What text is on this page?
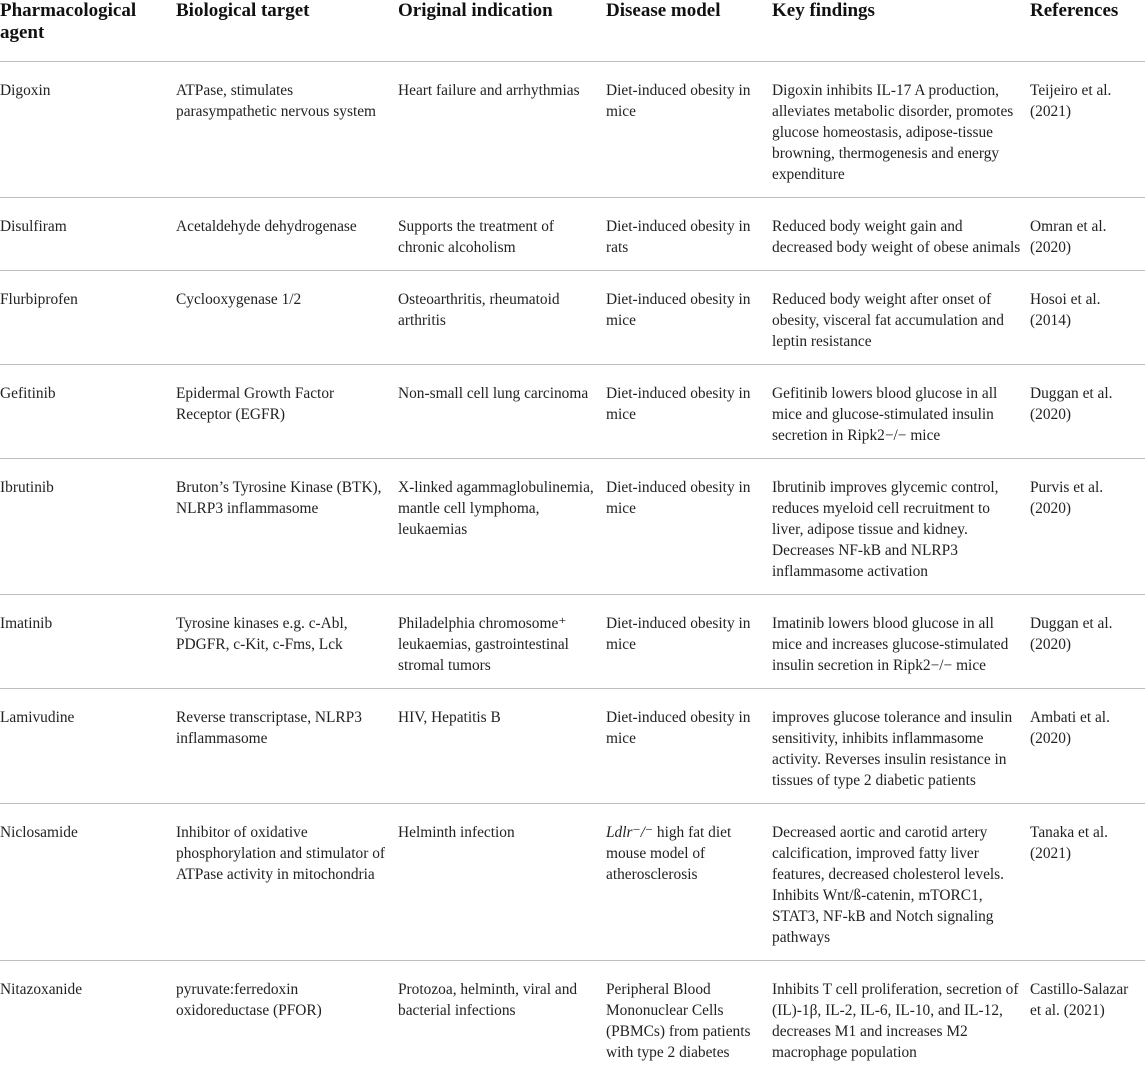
Pharmacological agent	Biological target	Original indication	Disease model	Key findings	References
Digoxin	ATPase, stimulates parasympathetic nervous system	Heart failure and arrhythmias	Diet-induced obesity in mice	Digoxin inhibits IL-17 A production, alleviates metabolic disorder, promotes glucose homeostasis, adipose-tissue browning, thermogenesis and energy expenditure	Teijeiro et al. (2021)
Disulfiram	Acetaldehyde dehydrogenase	Supports the treatment of chronic alcoholism	Diet-induced obesity in rats	Reduced body weight gain and decreased body weight of obese animals	Omran et al. (2020)
Flurbiprofen	Cyclooxygenase 1/2	Osteoarthritis, rheumatoid arthritis	Diet-induced obesity in mice	Reduced body weight after onset of obesity, visceral fat accumulation and leptin resistance	Hosoi et al. (2014)
Gefitinib	Epidermal Growth Factor Receptor (EGFR)	Non-small cell lung carcinoma	Diet-induced obesity in mice	Gefitinib lowers blood glucose in all mice and glucose-stimulated insulin secretion in Ripk2−/− mice	Duggan et al. (2020)
Ibrutinib	Bruton’s Tyrosine Kinase (BTK), NLRP3 inflammasome	X-linked agammaglobulinemia, mantle cell lymphoma, leukaemias	Diet-induced obesity in mice	Ibrutinib improves glycemic control, reduces myeloid cell recruitment to liver, adipose tissue and kidney. Decreases NF-kB and NLRP3 inflammasome activation	Purvis et al. (2020)
Imatinib	Tyrosine kinases e.g. c-Abl, PDGFR, c-Kit, c-Fms, Lck	Philadelphia chromosome⁺ leukaemias, gastrointestinal stromal tumors	Diet-induced obesity in mice	Imatinib lowers blood glucose in all mice and increases glucose-stimulated insulin secretion in Ripk2−/− mice	Duggan et al. (2020)
Lamivudine	Reverse transcriptase, NLRP3 inflammasome	HIV, Hepatitis B	Diet-induced obesity in mice	improves glucose tolerance and insulin sensitivity, inhibits inflammasome activity. Reverses insulin resistance in tissues of type 2 diabetic patients	Ambati et al. (2020)
Niclosamide	Inhibitor of oxidative phosphorylation and stimulator of ATPase activity in mitochondria	Helminth infection	Ldlr⁻/⁻ high fat diet mouse model of atherosclerosis	Decreased aortic and carotid artery calcification, improved fatty liver features, decreased cholesterol levels. Inhibits Wnt/ß-catenin, mTORC1, STAT3, NF-kB and Notch signaling pathways	Tanaka et al. (2021)
Nitazoxanide	pyruvate:ferredoxin oxidoreductase (PFOR)	Protozoa, helminth, viral and bacterial infections	Peripheral Blood Mononuclear Cells (PBMCs) from patients with type 2 diabetes	Inhibits T cell proliferation, secretion of (IL)-1β, IL-2, IL-6, IL-10, and IL-12, decreases M1 and increases M2 macrophage population	Castillo-Salazar et al. (2021)
